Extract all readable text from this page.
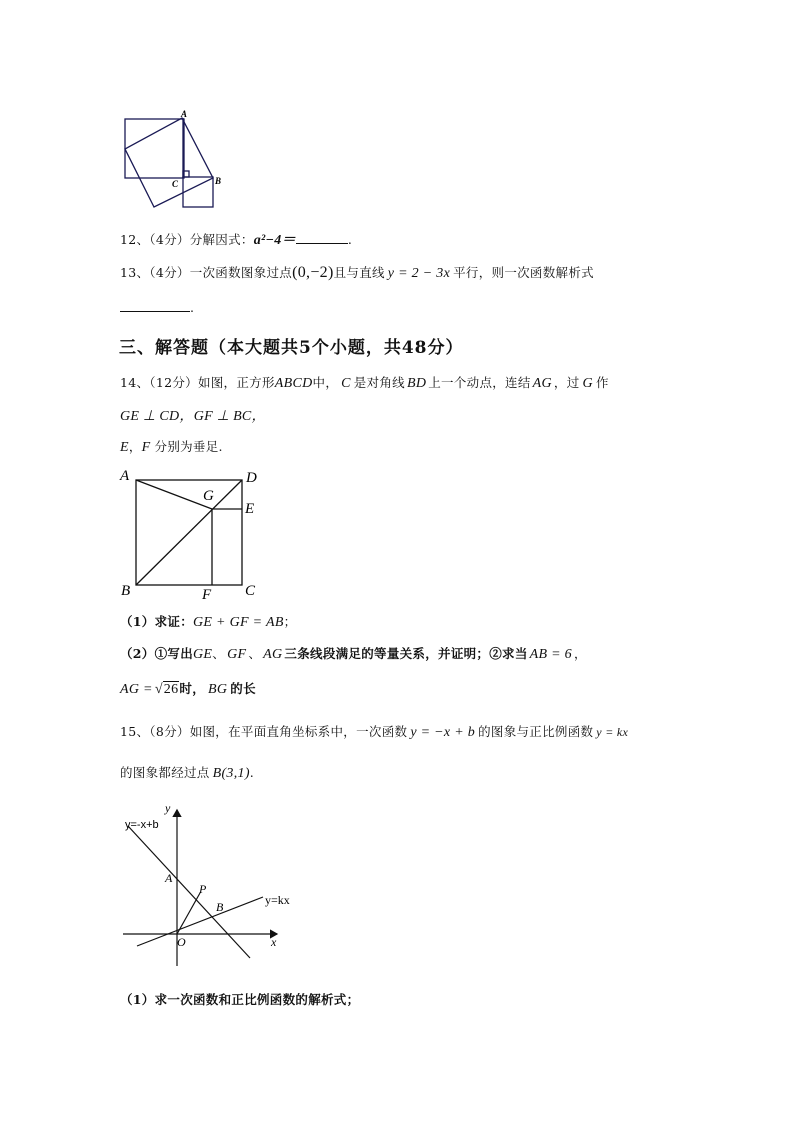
A
C	B
12、（4分）分解因式：a²−4＝	.
13、（4分）一次函数图象过点(0,−2)且与直线 y = 2 − 3x 平行，则一次函数解析式
.
三、解答题（本大题共5个小题，共48分）
14、（12分）如图，正方形ABCD中， C 是对角线 BD 上一个动点，连结 AG ，过 G 作
GE ⊥ CD，GF ⊥ BC，
E，F 分别为垂足.
A	D
G
E
B	F C
（1）求证：GE + GF = AB；
（2）①写出GE、 GF 、 AG 三条线段满足的等量关系，并证明；②求当 AB = 6 ，
AG = √26时， BG 的长
15、（8分）如图，在平面直角坐标系中，一次函数 y = −x + b 的图象与正比例函数 y = kx
的图象都经过点 B(3,1).
y=-x+b
y
A
P
B	y=kx
O	x
（1）求一次函数和正比例函数的解析式；
